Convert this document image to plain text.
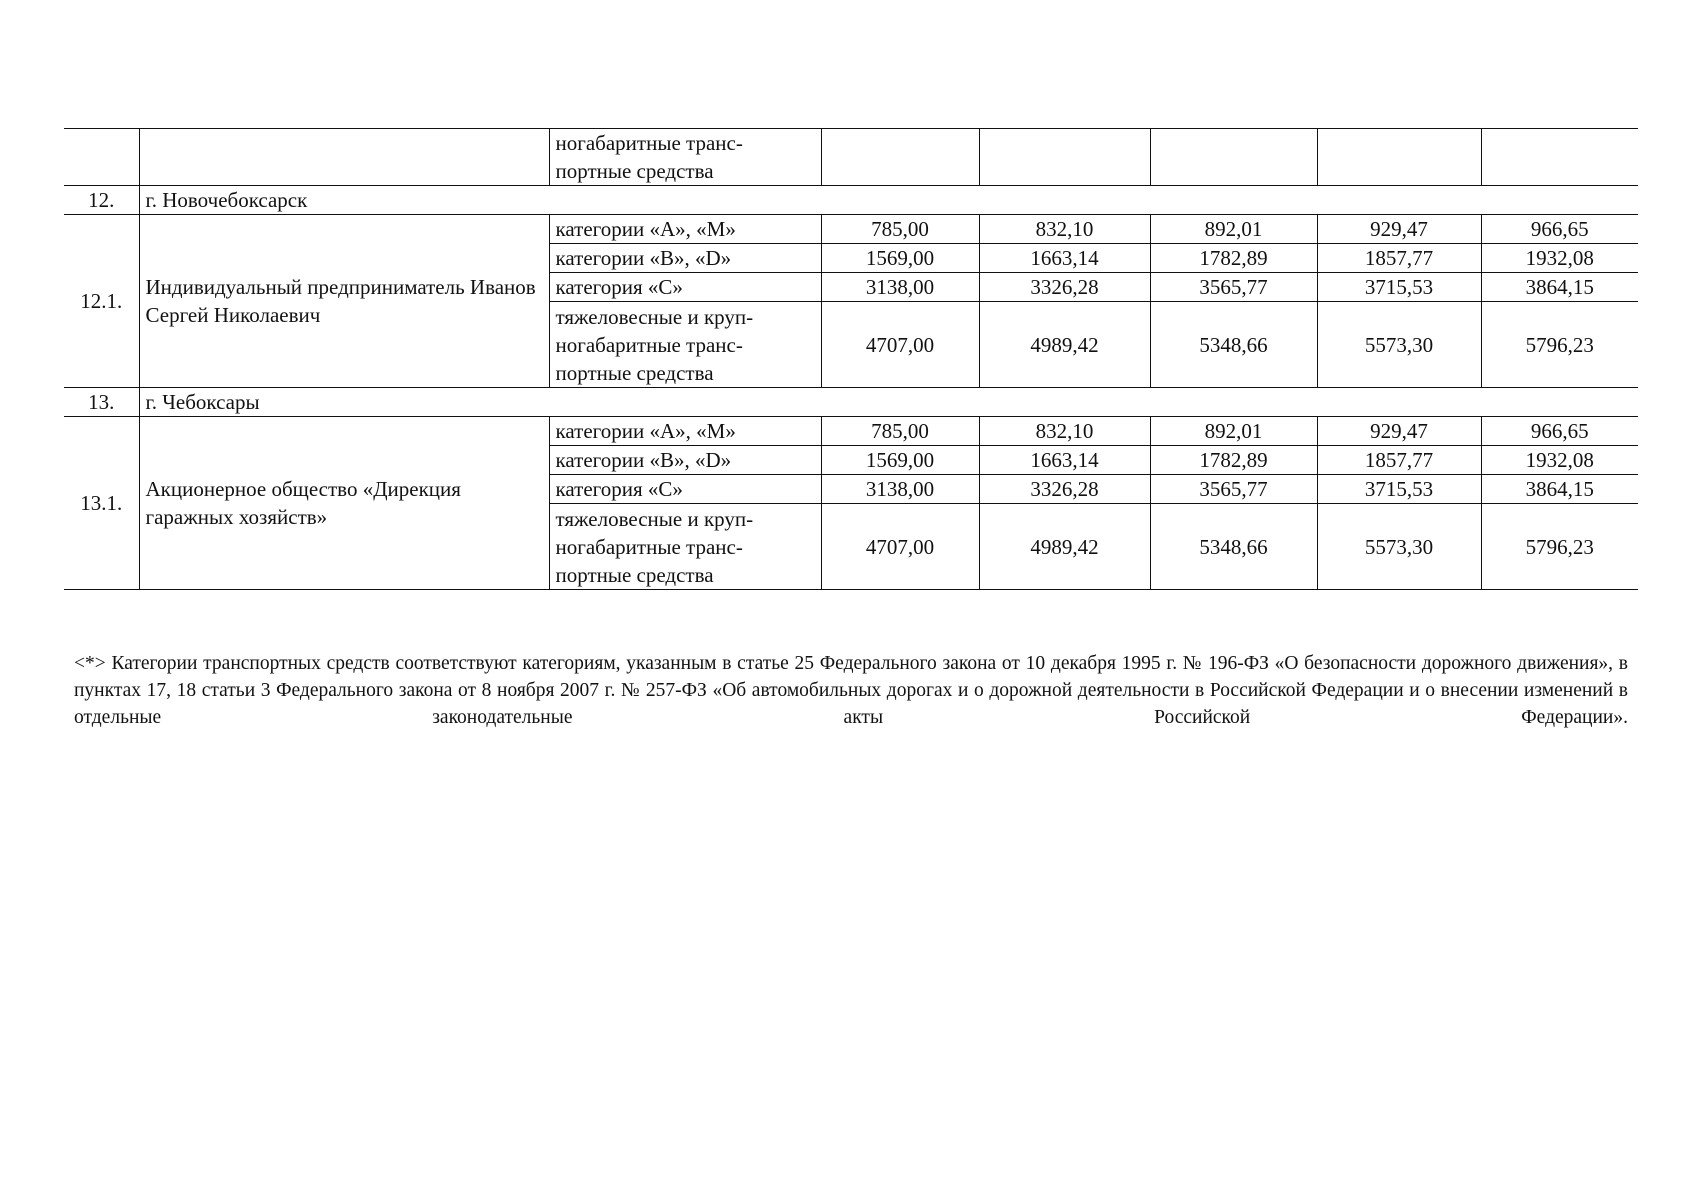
		ногабаритные транс-портные средства					
12.	г. Новочебоксарск						
12.1.	Индивидуальный предприниматель Иванов Сергей Николаевич	категории «А», «М»	785,00	832,10	892,01	929,47	966,65
		категории «В», «D»	1569,00	1663,14	1782,89	1857,77	1932,08
		категория «С»	3138,00	3326,28	3565,77	3715,53	3864,15
		тяжеловесные и круп-ногабаритные транс-портные средства	4707,00	4989,42	5348,66	5573,30	5796,23
13.	г. Чебоксары						
13.1.	Акционерное общество «Дирекция гаражных хозяйств»	категории «А», «М»	785,00	832,10	892,01	929,47	966,65
		категории «В», «D»	1569,00	1663,14	1782,89	1857,77	1932,08
		категория «С»	3138,00	3326,28	3565,77	3715,53	3864,15
		тяжеловесные и круп-ногабаритные транс-портные средства	4707,00	4989,42	5348,66	5573,30	5796,23

<*> Категории транспортных средств соответствуют категориям, указанным в статье 25 Федерального закона от 10 декабря 1995 г. № 196-ФЗ «О безопасности дорожного движения», в пунктах 17, 18 статьи 3 Федерального закона от 8 ноября 2007 г. № 257-ФЗ «Об автомобильных дорогах и о дорожной деятельности в Российской Федерации и о внесении изменений в отдельные законодательные акты Российской Федерации».
